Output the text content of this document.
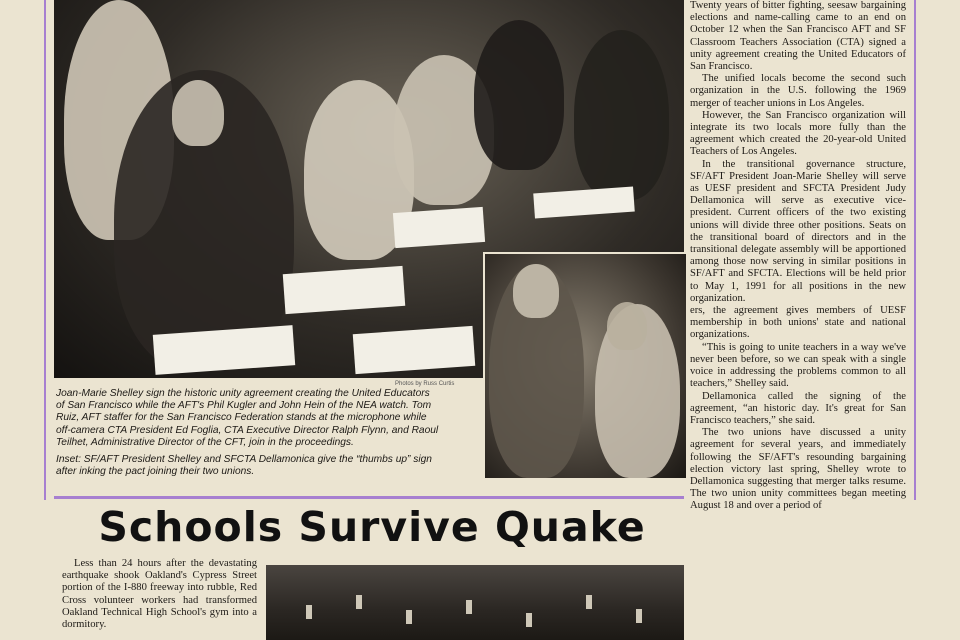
Photos by Russ Curtis

Joan-Marie Shelley sign the historic unity agreement creating the United Educators of San Francisco while the AFT's Phil Kugler and John Hein of the NEA watch. Tom Ruiz, AFT staffer for the San Francisco Federation stands at the microphone while off-camera CTA President Ed Foglia, CTA Executive Director Ralph Flynn, and Raoul Teilhet, Administrative Director of the CFT, join in the proceedings.

Inset: SF/AFT President Shelley and SFCTA Dellamonica give the “thumbs up” sign after inking the pact joining their two unions.

Twenty years of bitter fighting, seesaw bargaining elections and name-calling came to an end on October 12 when the San Francisco AFT and SF Classroom Teachers Association (CTA) signed a unity agreement creating the United Educators of San Francisco.

The unified locals become the second such organization in the U.S. following the 1969 merger of teacher unions in Los Angeles.

However, the San Francisco organization will integrate its two locals more fully than the agreement which created the 20-year-old United Teachers of Los Angeles.

In the transitional governance structure, SF/AFT President Joan-Marie Shelley will serve as UESF president and SFCTA President Judy Dellamonica will serve as executive vice-president. Current officers of the two existing unions will divide three other positions. Seats on the transitional board of directors and in the transitional delegate assembly will be apportioned among those now serving in similar positions in SF/AFT and SFCTA. Elections will be held prior to May 1, 1991 for all positions in the new organization.

ers, the agreement gives members of UESF membership in both unions' state and national organizations.

“This is going to unite teachers in a way we've never been before, so we can speak with a single voice in addressing the problems common to all teachers,” Shelley said.

Dellamonica called the signing of the agreement, “an historic day. It's great for San Francisco teachers,” she said.

The two unions have discussed a unity agreement for several years, and immediately following the SF/AFT's resounding bargaining election victory last spring, Shelley wrote to Dellamonica suggesting that merger talks resume. The two union unity committees began meeting August 18 and over a period of

Schools Survive Quake

Less than 24 hours after the devastating earthquake shook Oakland's Cypress Street portion of the I-880 freeway into rubble, Red Cross volunteer workers had transformed Oakland Technical High School's gym into a dormitory.
